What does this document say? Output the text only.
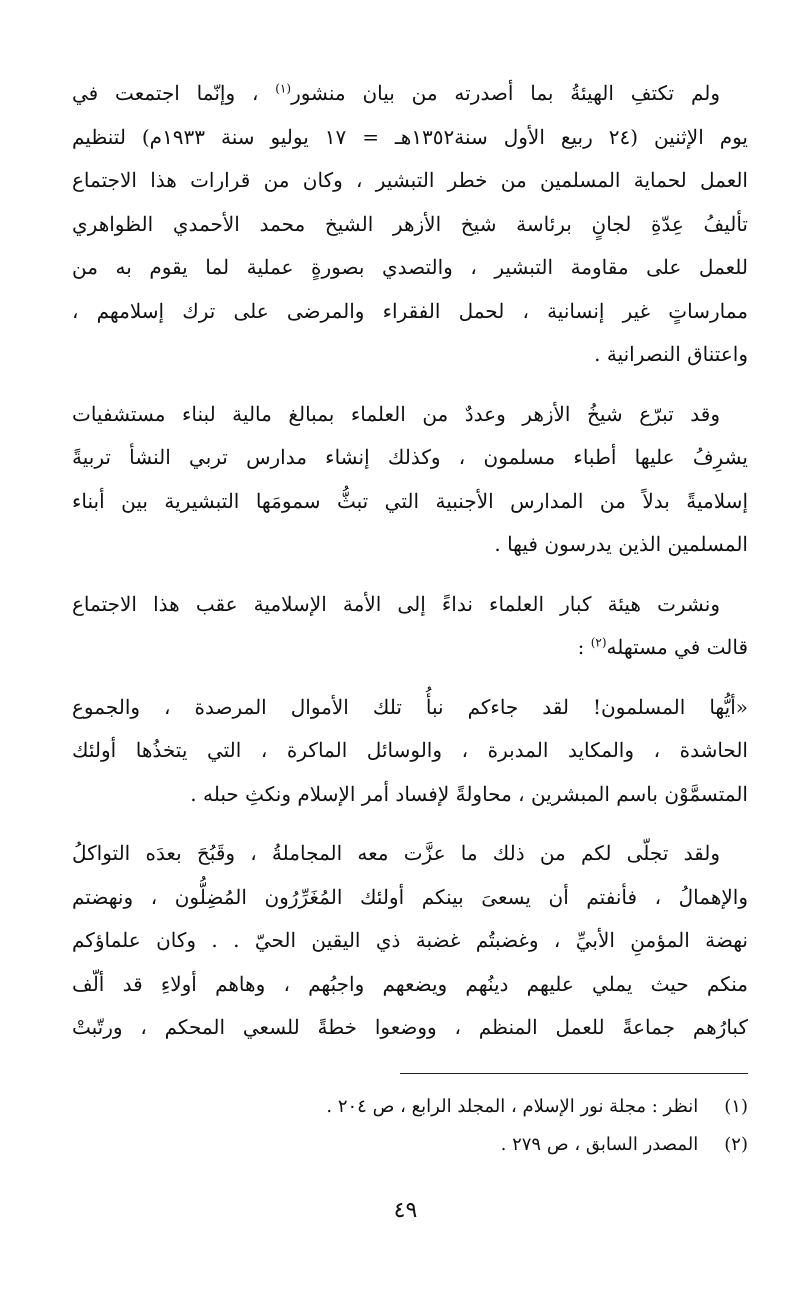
ولم تكتفِ الهيئةُ بما أصدرته من بيان منشور$^{(١)}$ ، وإنّما اجتمعت في
يوم الإثنين (٢٤ ربيع الأول سنة١٣٥٢هـ = ١٧ يوليو سنة ١٩٣٣م) لتنظيم
العمل لحماية المسلمين من خطر التبشير ، وكان من قرارات هذا الاجتماع
تأليفُ عِدّةِ لجانٍ برئاسة شيخ الأزهر الشيخ محمد الأحمدي الظواهري
للعمل على مقاومة التبشير ، والتصدي بصورةٍ عملية لما يقوم به من
ممارساتٍ غير إنسانية ، لحمل الفقراء والمرضى على ترك إسلامهم ،
واعتناق النصرانية .

وقد تبرّع شيخُ الأزهر وعددٌ من العلماء بمبالغ مالية لبناء مستشفيات
يشرِفُ عليها أطباء مسلمون ، وكذلك إنشاء مدارس تربي النشأ تربيةً
إسلاميةً بدلاً من المدارس الأجنبية التي تبثُّ سمومَها التبشيرية بين أبناء
المسلمين الذين يدرسون فيها .

ونشرت هيئة كبار العلماء نداءً إلى الأمة الإسلامية عقب هذا الاجتماع
قالت في مستهله$^{(٢)}$ :

«أيُّها المسلمون! لقد جاءكم نبأُ تلك الأموال المرصدة ، والجموع
الحاشدة ، والمكايد المدبرة ، والوسائل الماكرة ، التي يتخذُها أولئك
المتسمَّوْن باسم المبشرين ، محاولةً لإفساد أمر الإسلام ونكثِ حبله .

ولقد تجلّى لكم من ذلك ما عزَّت معه المجاملةُ ، وقَبُحَ بعدَه التواكلُ
والإهمالُ ، فأنفتم أن يسعىَ بينكم أولئك المُغَرِّرُون المُضِلُّون ، ونهضتم
نهضة المؤمنِ الأبيِّ ، وغضبتُم غضبة ذي اليقين الحيّ . . وكان علماؤكم
منكم حيث يملي عليهم دينُهم ويضعهم واجبُهم ، وهاهم أولاءِ قد ألّف
كبارُهم جماعةً للعمل المنظم ، ووضعوا خطةً للسعي المحكم ، ورتّبتْ

(١) انظر : مجلة نور الإسلام ، المجلد الرابع ، ص ٢٠٤ .
(٢) المصدر السابق ، ص ٢٧٩ .
٤٩
